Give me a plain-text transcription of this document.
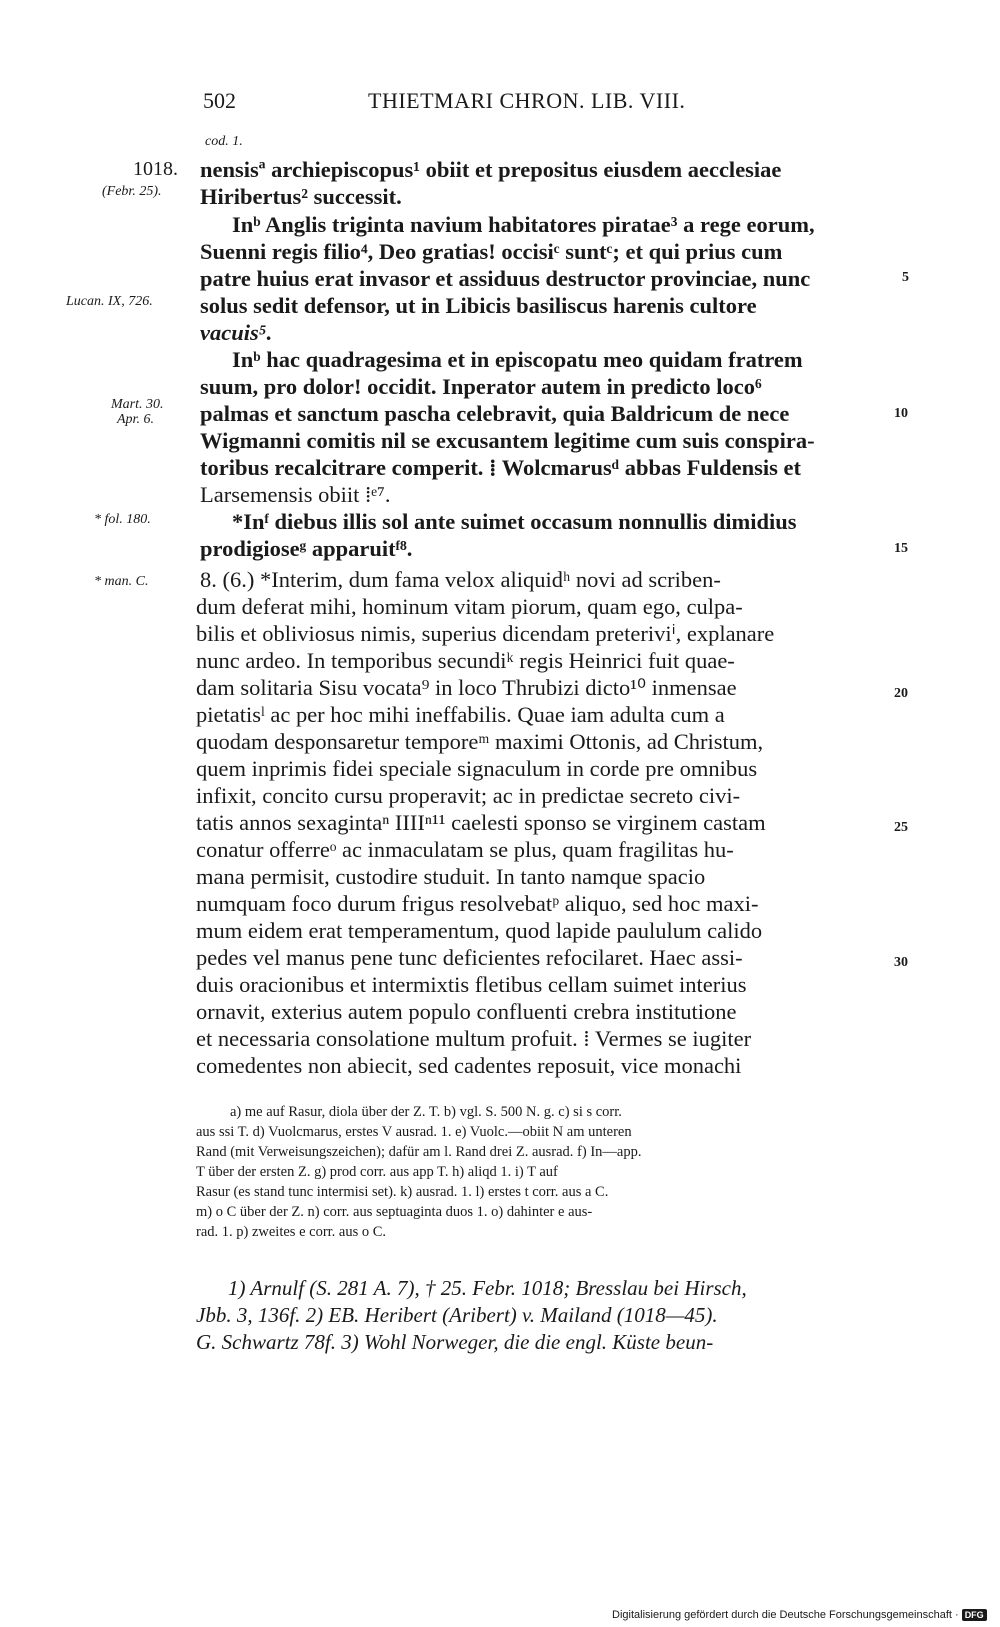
502	THIETMARI CHRON. LIB. VIII.
cod. 1.
1018.
(Febr. 25).
Lucan. IX, 726.
Mart. 30.
Apr. 6.
* fol. 180.
* man. C.
5
10
15
20
25
30
nensisª archiepiscopus¹ obiit et prepositus eiusdem aecclesiae
Hiribertus² successit.
Inᵇ Anglis triginta navium habitatores piratae³ a rege eorum,
Suenni regis filio⁴, Deo gratias! occisiᶜ suntᶜ; et qui prius cum
patre huius erat invasor et assiduus destructor provinciae, nunc
solus sedit defensor, ut in Libicis basiliscus harenis cultore
vacuis⁵.
Inᵇ hac quadragesima et in episcopatu meo quidam fratrem
suum, pro dolor! occidit. Inperator autem in predicto loco⁶
palmas et sanctum pascha celebravit, quia Baldricum de nece
Wigmanni comitis nil se excusantem legitime cum suis conspira-
toribus recalcitrare comperit. ⁞ Wolcmarusᵈ abbas Fuldensis et
Larsemensis obiit ⁞ᵉ⁷.
*Inᶠ diebus illis sol ante suimet occasum nonnullis dimidius
prodigioseᵍ apparuitᶠ⁸.
8. (6.) *Interim, dum fama velox aliquidʰ novi ad scriben-
dum deferat mihi, hominum vitam piorum, quam ego, culpa-
bilis et obliviosus nimis, superius dicendam preteriviⁱ, explanare
nunc ardeo. In temporibus secundiᵏ regis Heinrici fuit quae-
dam solitaria Sisu vocata⁹ in loco Thrubizi dicto¹⁰ inmensae
pietatisˡ ac per hoc mihi ineffabilis. Quae iam adulta cum a
quodam desponsaretur temporeᵐ maximi Ottonis, ad Christum,
quem inprimis fidei speciale signaculum in corde pre omnibus
infixit, concito cursu properavit; ac in predictae secreto civi-
tatis annos sexagintaⁿ IIIIⁿ¹¹ caelesti sponso se virginem castam
conatur offerreᵒ ac inmaculatam se plus, quam fragilitas hu-
mana permisit, custodire studuit. In tanto namque spacio
numquam foco durum frigus resolvebatᵖ aliquo, sed hoc maxi-
mum eidem erat temperamentum, quod lapide paululum calido
pedes vel manus pene tunc deficientes refocilaret. Haec assi-
duis oracionibus et intermixtis fletibus cellam suimet interius
ornavit, exterius autem populo confluenti crebra institutione
et necessaria consolatione multum profuit. ⁞ Vermes se iugiter
comedentes non abiecit, sed cadentes reposuit, vice monachi
a) me auf Rasur, diola über der Z. T. b) vgl. S. 500 N. g. c) si s corr.
aus ssi T. d) Vuolcmarus, erstes V ausrad. 1. e) Vuolc.—obiit N am unteren
Rand (mit Verweisungszeichen); dafür am l. Rand drei Z. ausrad. f) In—app.
T über der ersten Z. g) prod corr. aus app T. h) aliqd 1. i) T auf
Rasur (es stand tunc intermisi set). k) ausrad. 1. l) erstes t corr. aus a C.
m) o C über der Z. n) corr. aus septuaginta duos 1. o) dahinter e aus-
rad. 1. p) zweites e corr. aus o C.
1) Arnulf (S. 281 A. 7), † 25. Febr. 1018; Bresslau bei Hirsch,
Jbb. 3, 136f. 2) EB. Heribert (Aribert) v. Mailand (1018—45).
G. Schwartz 78f. 3) Wohl Norweger, die die engl. Küste beun-
Digitalisierung gefördert durch die Deutsche Forschungsgemeinschaft · DFG
